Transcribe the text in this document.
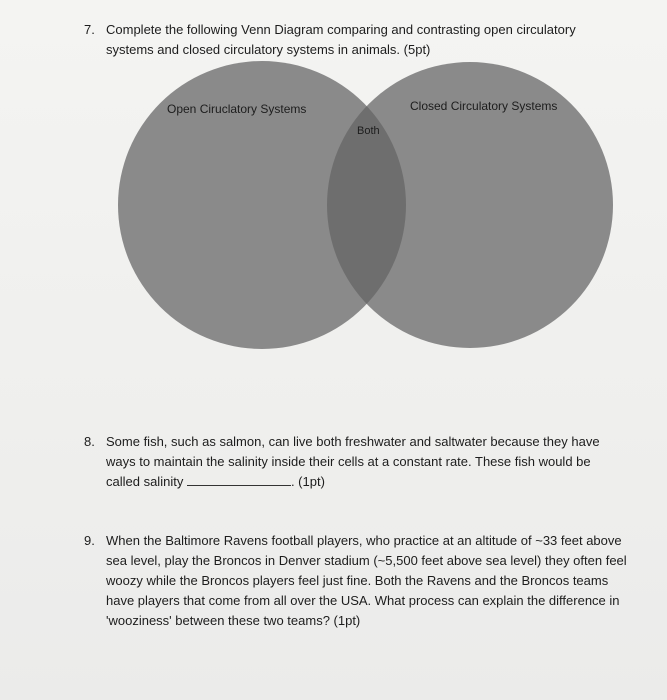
7. Complete the following Venn Diagram comparing and contrasting open circulatory systems and closed circulatory systems in animals. (5pt)
Open Ciruclatory Systems	Closed Circulatory Systems
Both
8. Some fish, such as salmon, can live both freshwater and saltwater because they have ways to maintain the salinity inside their cells at a constant rate. These fish would be called salinity	. (1pt)
9. When the Baltimore Ravens football players, who practice at an altitude of ~33 feet above sea level, play the Broncos in Denver stadium (~5,500 feet above sea level) they often feel woozy while the Broncos players feel just fine. Both the Ravens and the Broncos teams have players that come from all over the USA. What process can explain the difference in 'wooziness' between these two teams? (1pt)
